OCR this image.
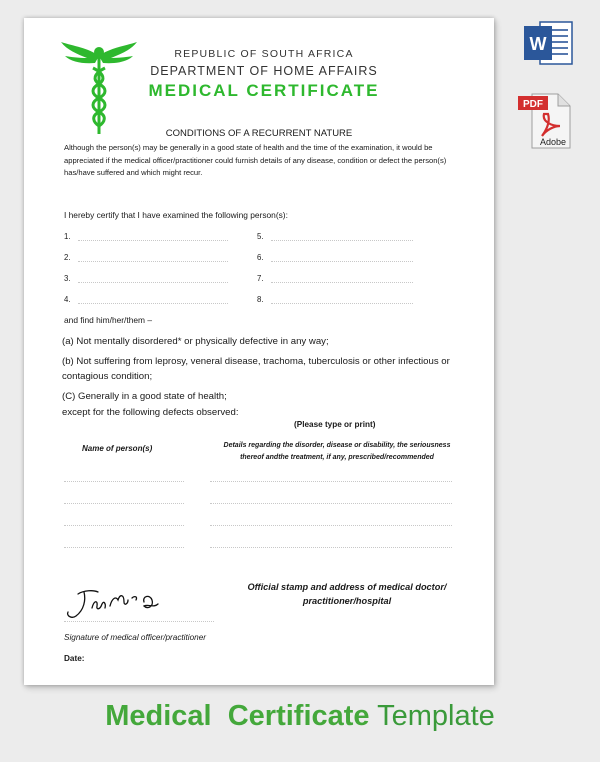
REPUBLIC OF SOUTH AFRICA
DEPARTMENT OF HOME AFFAIRS
MEDICAL CERTIFICATE
CONDITIONS OF A RECURRENT NATURE
Although the person(s) may be generally in a good state of health and the time of the examination, it would be appreciated if the medical officer/practitioner could furnish details of any disease, condition or defect the person(s) has/have suffered and which might recur.
I hereby certify that I have examined the following person(s):
1.
2.
3.
4.
5.
6.
7.
8.
and find him/her/them –
(a) Not mentally disordered* or physically defective in any way;
(b) Not suffering from leprosy, veneral disease, trachoma, tuberculosis or other infectious or contagious condition;
(C) Generally in a good state of health;
except for the following defects observed:
(Please type or print)
Name of person(s)	Details regarding the disorder, disease or disability, the seriousness thereof andthe treatment, if any, prescribed/recommended
Signature of medical officer/practitioner
Date:
Official stamp and address of medical doctor/ practitioner/hospital
W
PDF
Adobe
Medical Certificate Template
